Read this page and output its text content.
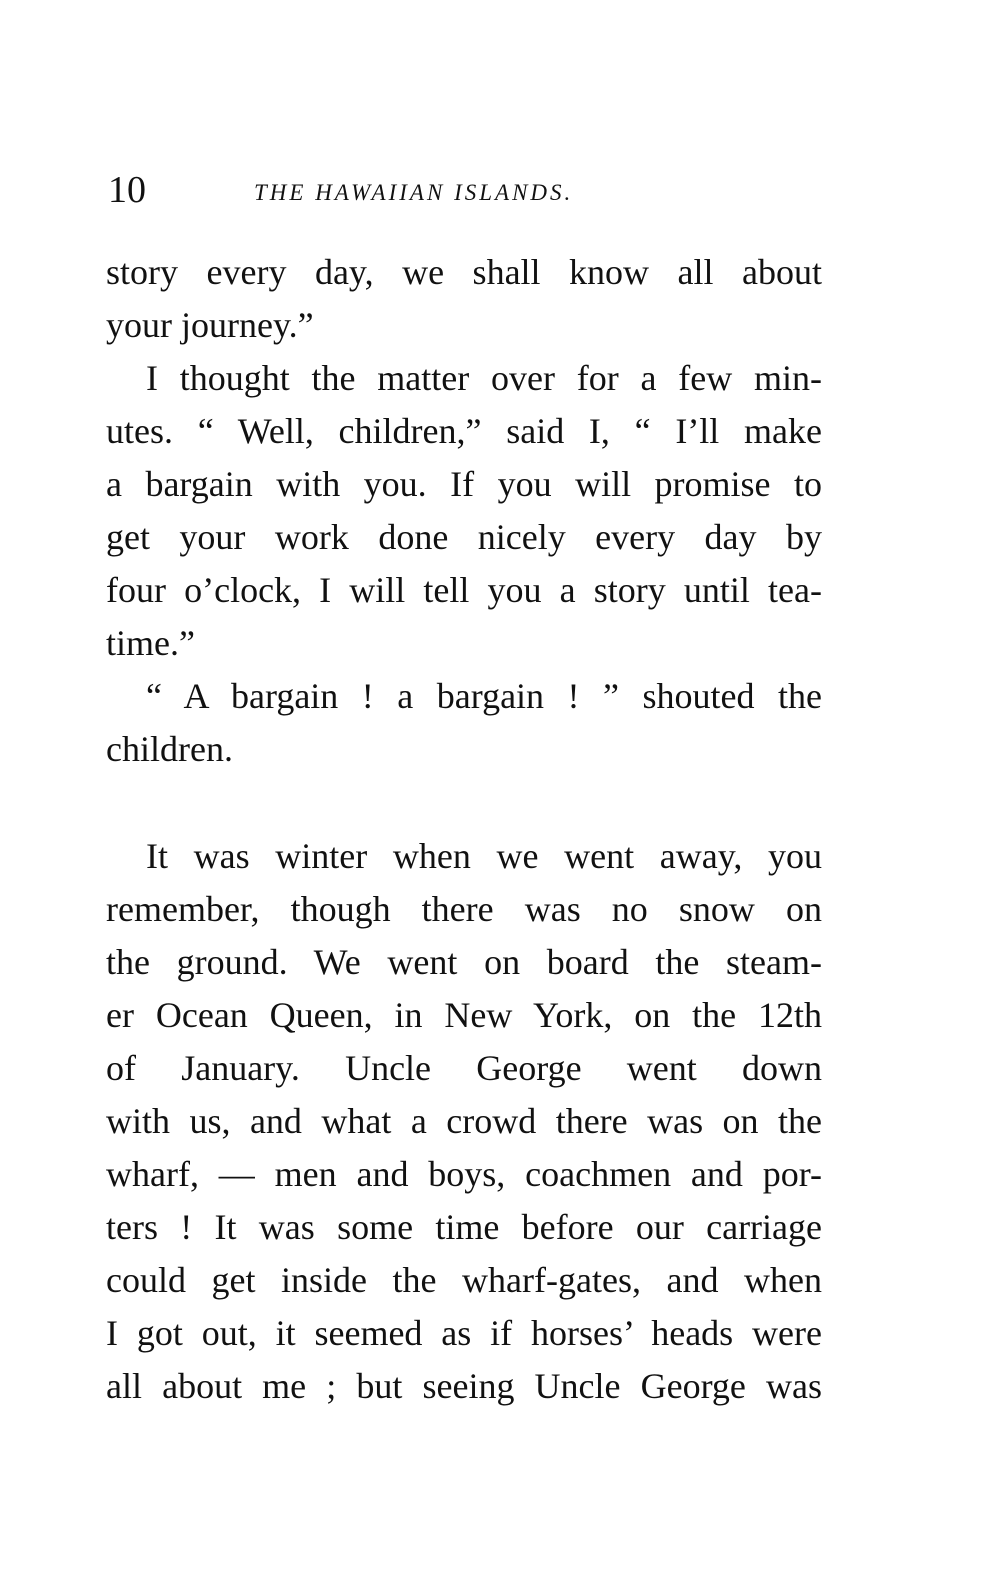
10	THE HAWAIIAN ISLANDS.
story every day, we shall know all about
your journey.”
I thought the matter over for a few min-
utes. “ Well, children,” said I, “ I’ll make
a bargain with you. If you will promise to
get your work done nicely every day by
four o’clock, I will tell you a story until tea-
time.”
“ A bargain ! a bargain ! ” shouted the
children.
It was winter when we went away, you
remember, though there was no snow on
the ground. We went on board the steam-
er Ocean Queen, in New York, on the 12th
of January. Uncle George went down
with us, and what a crowd there was on the
wharf, — men and boys, coachmen and por-
ters ! It was some time before our carriage
could get inside the wharf-gates, and when
I got out, it seemed as if horses’ heads were
all about me ; but seeing Uncle George was
